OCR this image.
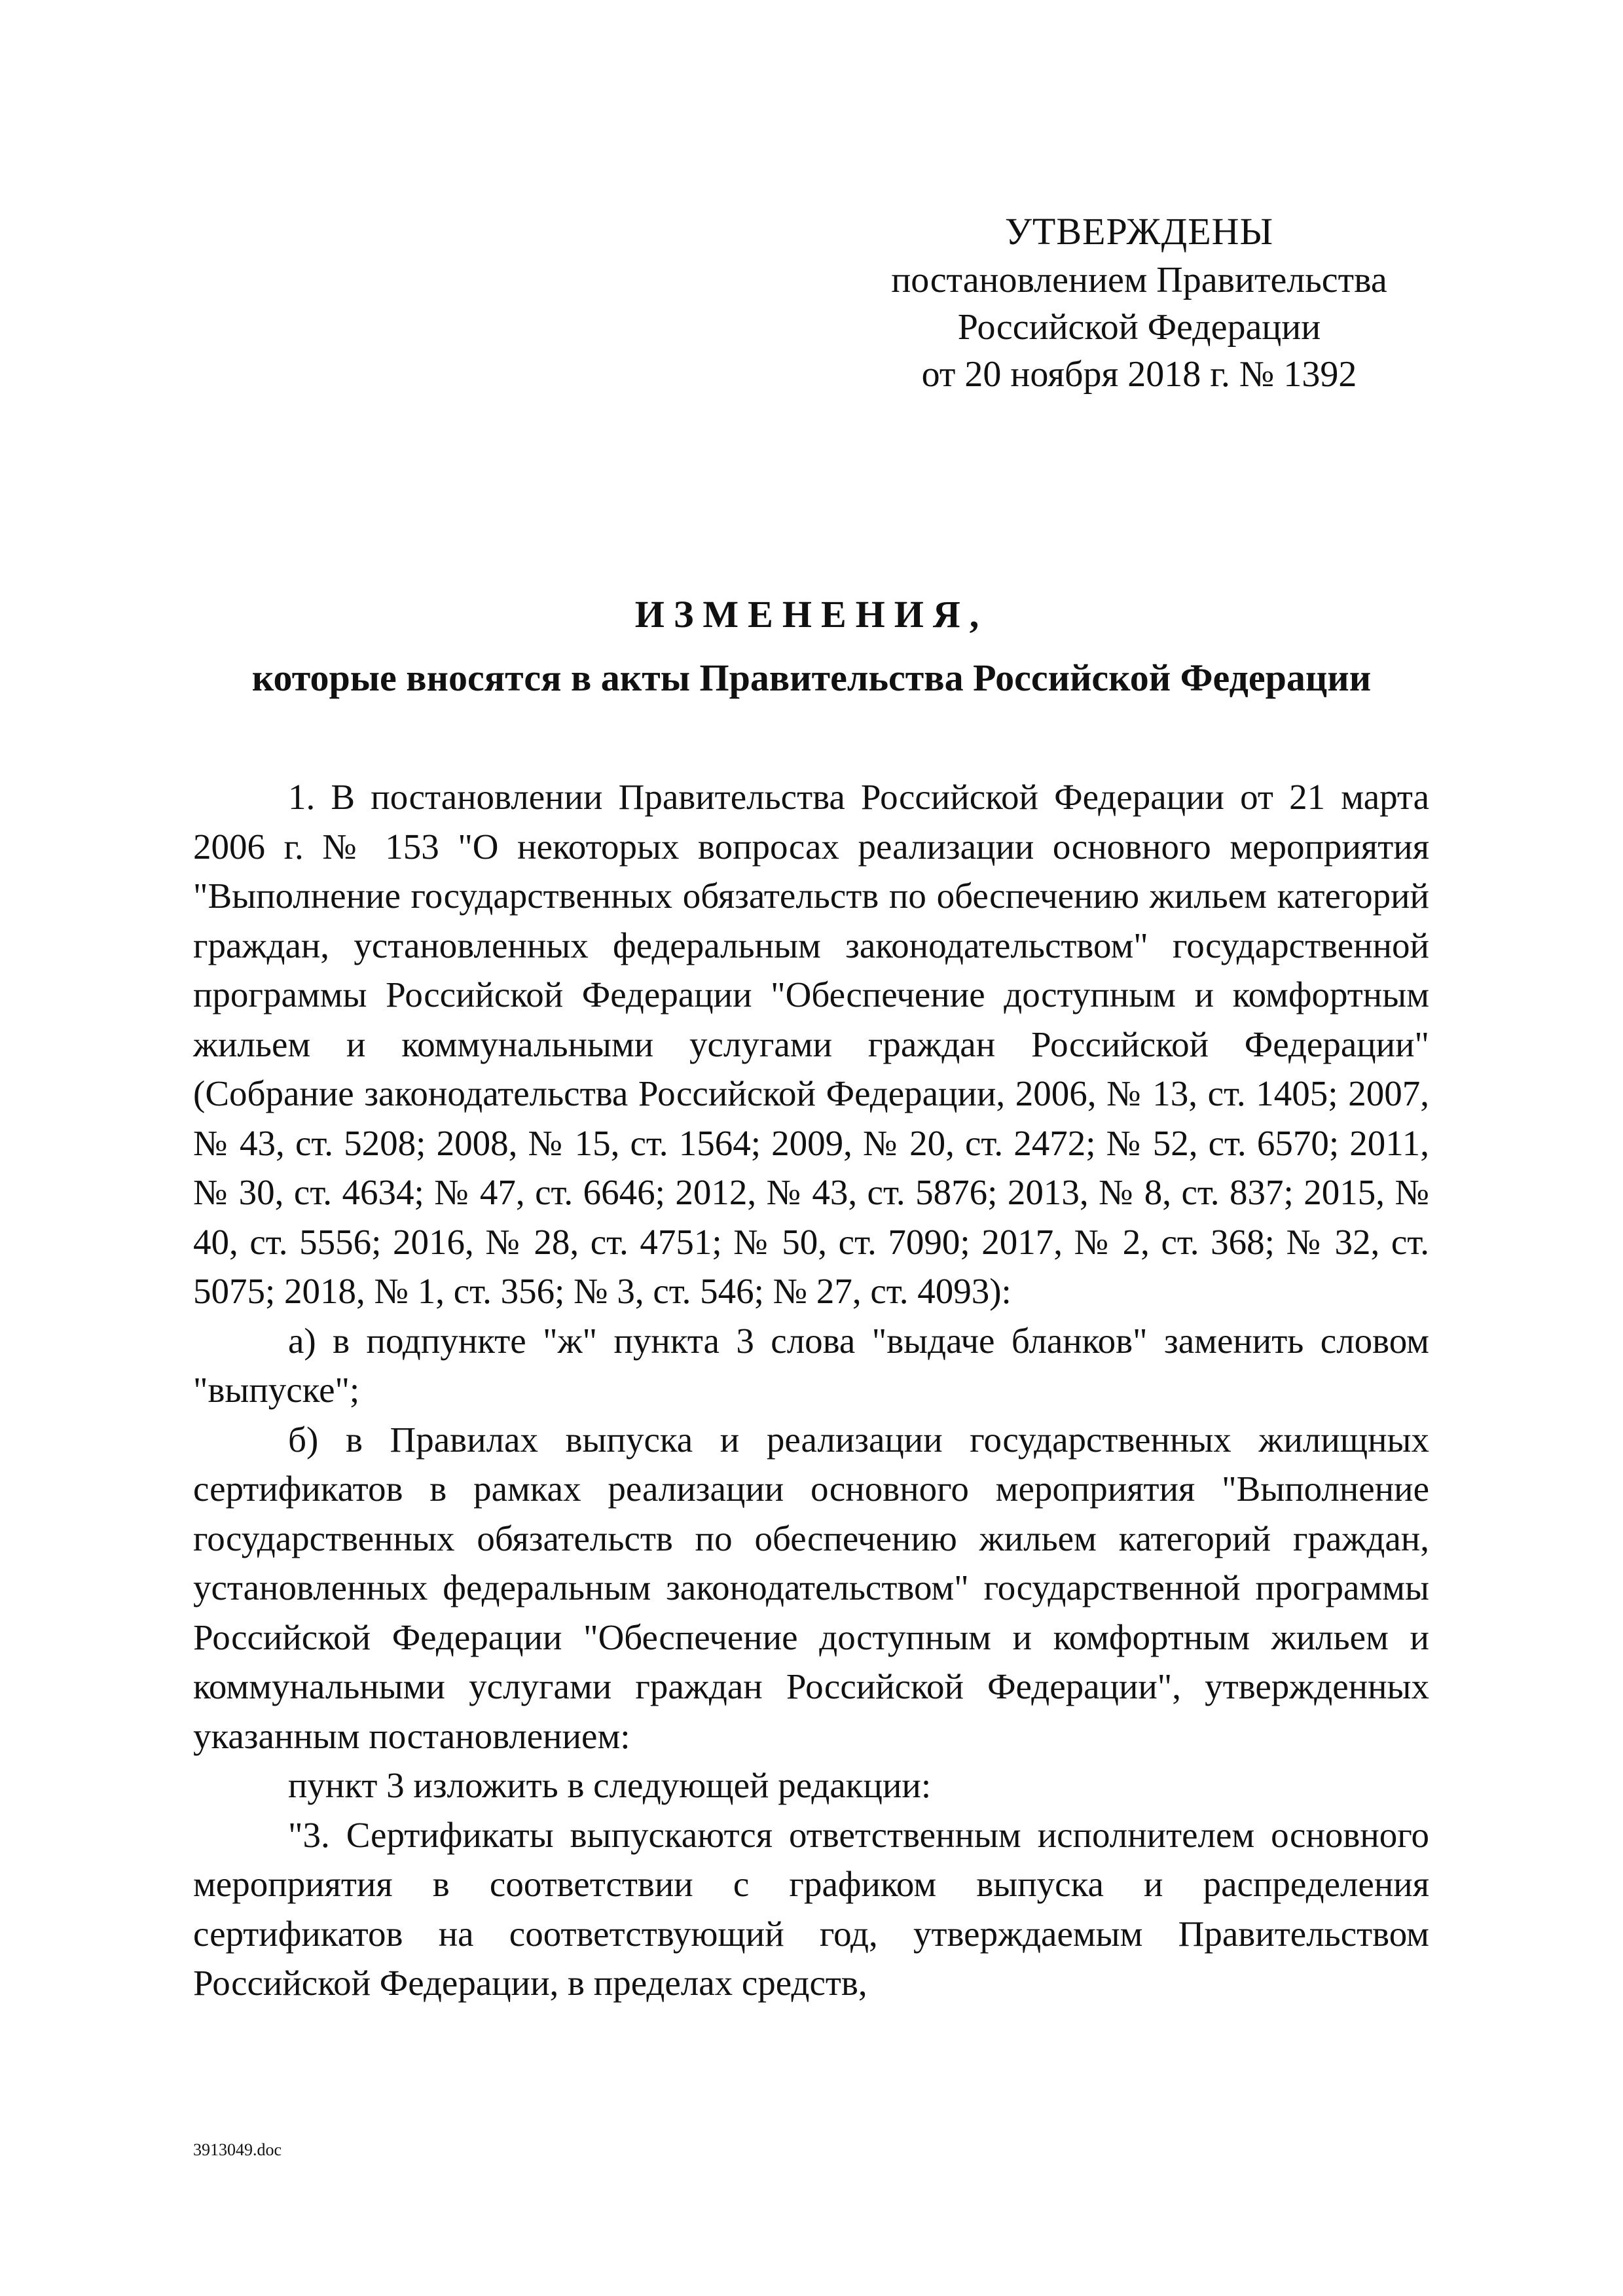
УТВЕРЖДЕНЫ
постановлением Правительства
Российской Федерации
от 20 ноября 2018 г. № 1392
ИЗМЕНЕНИЯ,
которые вносятся в акты Правительства Российской Федерации

1. В постановлении Правительства Российской Федерации от 21 марта 2006 г. № 153 "О некоторых вопросах реализации основного мероприятия "Выполнение государственных обязательств по обеспечению жильем категорий граждан, установленных федеральным законодательством" государственной программы Российской Федерации "Обеспечение доступным и комфортным жильем и коммунальными услугами граждан Российской Федерации" (Собрание законодательства Российской Федерации, 2006, № 13, ст. 1405; 2007, № 43, ст. 5208; 2008, № 15, ст. 1564; 2009, № 20, ст. 2472; № 52, ст. 6570; 2011, № 30, ст. 4634; № 47, ст. 6646; 2012, № 43, ст. 5876; 2013, № 8, ст. 837; 2015, № 40, ст. 5556; 2016, № 28, ст. 4751; № 50, ст. 7090; 2017, № 2, ст. 368; № 32, ст. 5075; 2018, № 1, ст. 356; № 3, ст. 546; № 27, ст. 4093):

а) в подпункте "ж" пункта 3 слова "выдаче бланков" заменить словом "выпуске";

б) в Правилах выпуска и реализации государственных жилищных сертификатов в рамках реализации основного мероприятия "Выполнение государственных обязательств по обеспечению жильем категорий граждан, установленных федеральным законодательством" государственной программы Российской Федерации "Обеспечение доступным и комфортным жильем и коммунальными услугами граждан Российской Федерации", утвержденных указанным постановлением:

пункт 3 изложить в следующей редакции:

"3. Сертификаты выпускаются ответственным исполнителем основного мероприятия в соответствии с графиком выпуска и распределения сертификатов на соответствующий год, утверждаемым Правительством Российской Федерации, в пределах средств,

3913049.doc
